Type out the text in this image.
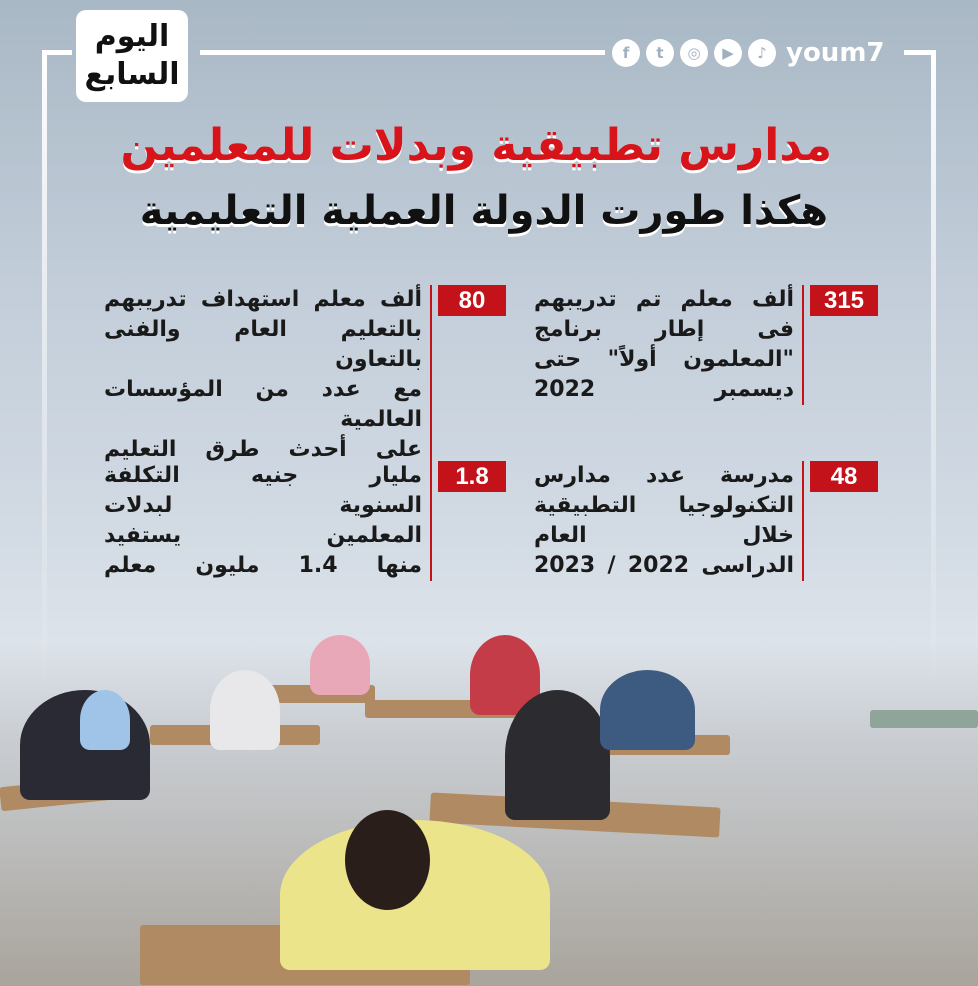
اليوم
السابع
f	t	◎	▶	♪ youm7
مدارس تطبيقية وبدلات للمعلمين
هكذا طورت الدولة العملية التعليمية
315
ألف معلم تم تدريبهم
فى إطار برنامج
"المعلمون أولاً" حتى
ديسمبر 2022
80
ألف معلم استهداف تدريبهم
بالتعليم العام والفنى بالتعاون
مع عدد من المؤسسات العالمية
على أحدث طرق التعليم
48
مدرسة عدد مدارس
التكنولوجيا التطبيقية
خلال العام
الدراسى 2022 / 2023
1.8
مليار جنيه التكلفة
السنوية لبدلات
المعلمين يستفيد
منها 1.4 مليون معلم
